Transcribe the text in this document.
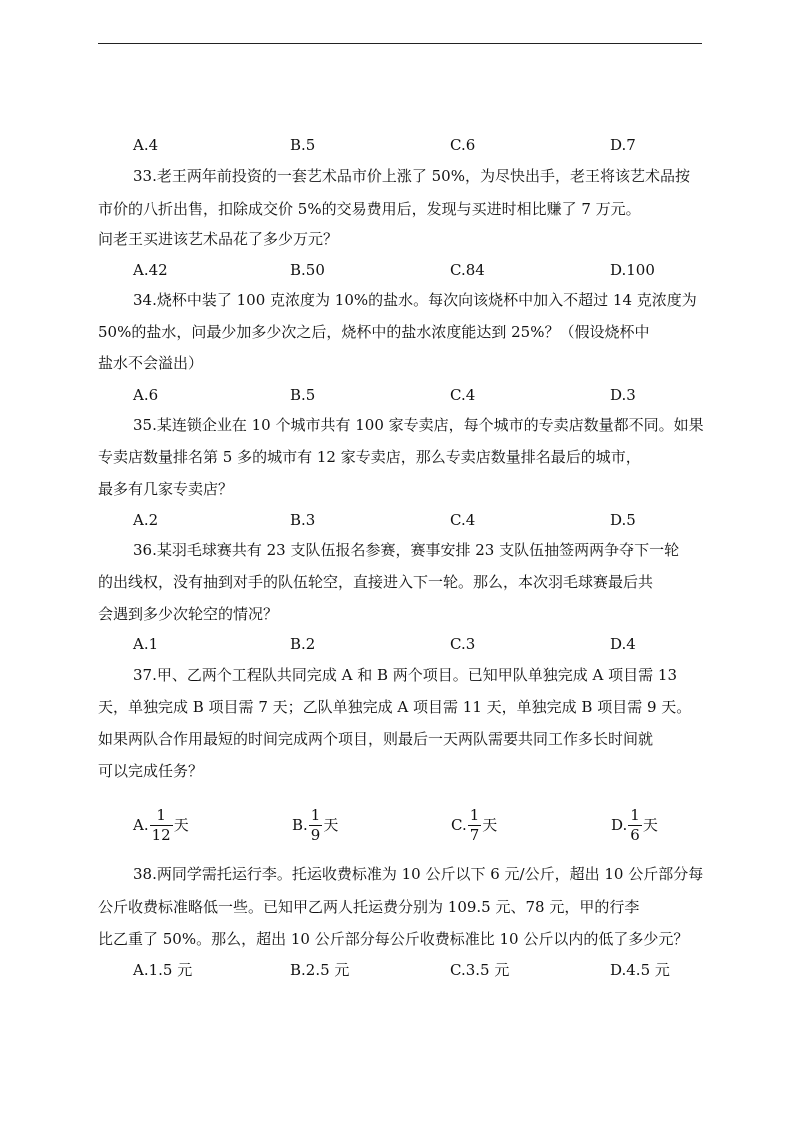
A.4	B.5	C.6	D.7
33.老王两年前投资的一套艺术品市价上涨了 50%，为尽快出手，老王将该艺术品按
市价的八折出售，扣除成交价 5%的交易费用后，发现与买进时相比赚了 7 万元。
问老王买进该艺术品花了多少万元？
A.42	B.50	C.84	D.100
34.烧杯中装了 100 克浓度为 10%的盐水。每次向该烧杯中加入不超过 14 克浓度为
50%的盐水，问最少加多少次之后，烧杯中的盐水浓度能达到 25%？（假设烧杯中
盐水不会溢出）
A.6	B.5	C.4	D.3
35.某连锁企业在 10 个城市共有 100 家专卖店，每个城市的专卖店数量都不同。如果
专卖店数量排名第 5 多的城市有 12 家专卖店，那么专卖店数量排名最后的城市，
最多有几家专卖店？
A.2	B.3	C.4	D.5
36.某羽毛球赛共有 23 支队伍报名参赛，赛事安排 23 支队伍抽签两两争夺下一轮
的出线权，没有抽到对手的队伍轮空，直接进入下一轮。那么，本次羽毛球赛最后共
会遇到多少次轮空的情况？
A.1	B.2	C.3	D.4
37.甲、乙两个工程队共同完成 A 和 B 两个项目。已知甲队单独完成 A 项目需 13
天，单独完成 B 项目需 7 天；乙队单独完成 A 项目需 11 天，单独完成 B 项目需 9 天。
如果两队合作用最短的时间完成两个项目，则最后一天两队需要共同工作多长时间就
可以完成任务？
A. $\frac{1}{12}$ 天	B. $\frac{1}{9}$ 天	C. $\frac{1}{7}$ 天	D. $\frac{1}{6}$ 天
38.两同学需托运行李。托运收费标准为 10 公斤以下 6 元/公斤，超出 10 公斤部分每
公斤收费标准略低一些。已知甲乙两人托运费分别为 109.5 元、78 元，甲的行李
比乙重了 50%。那么，超出 10 公斤部分每公斤收费标准比 10 公斤以内的低了多少元？
A.1.5 元	B.2.5 元	C.3.5 元	D.4.5 元
